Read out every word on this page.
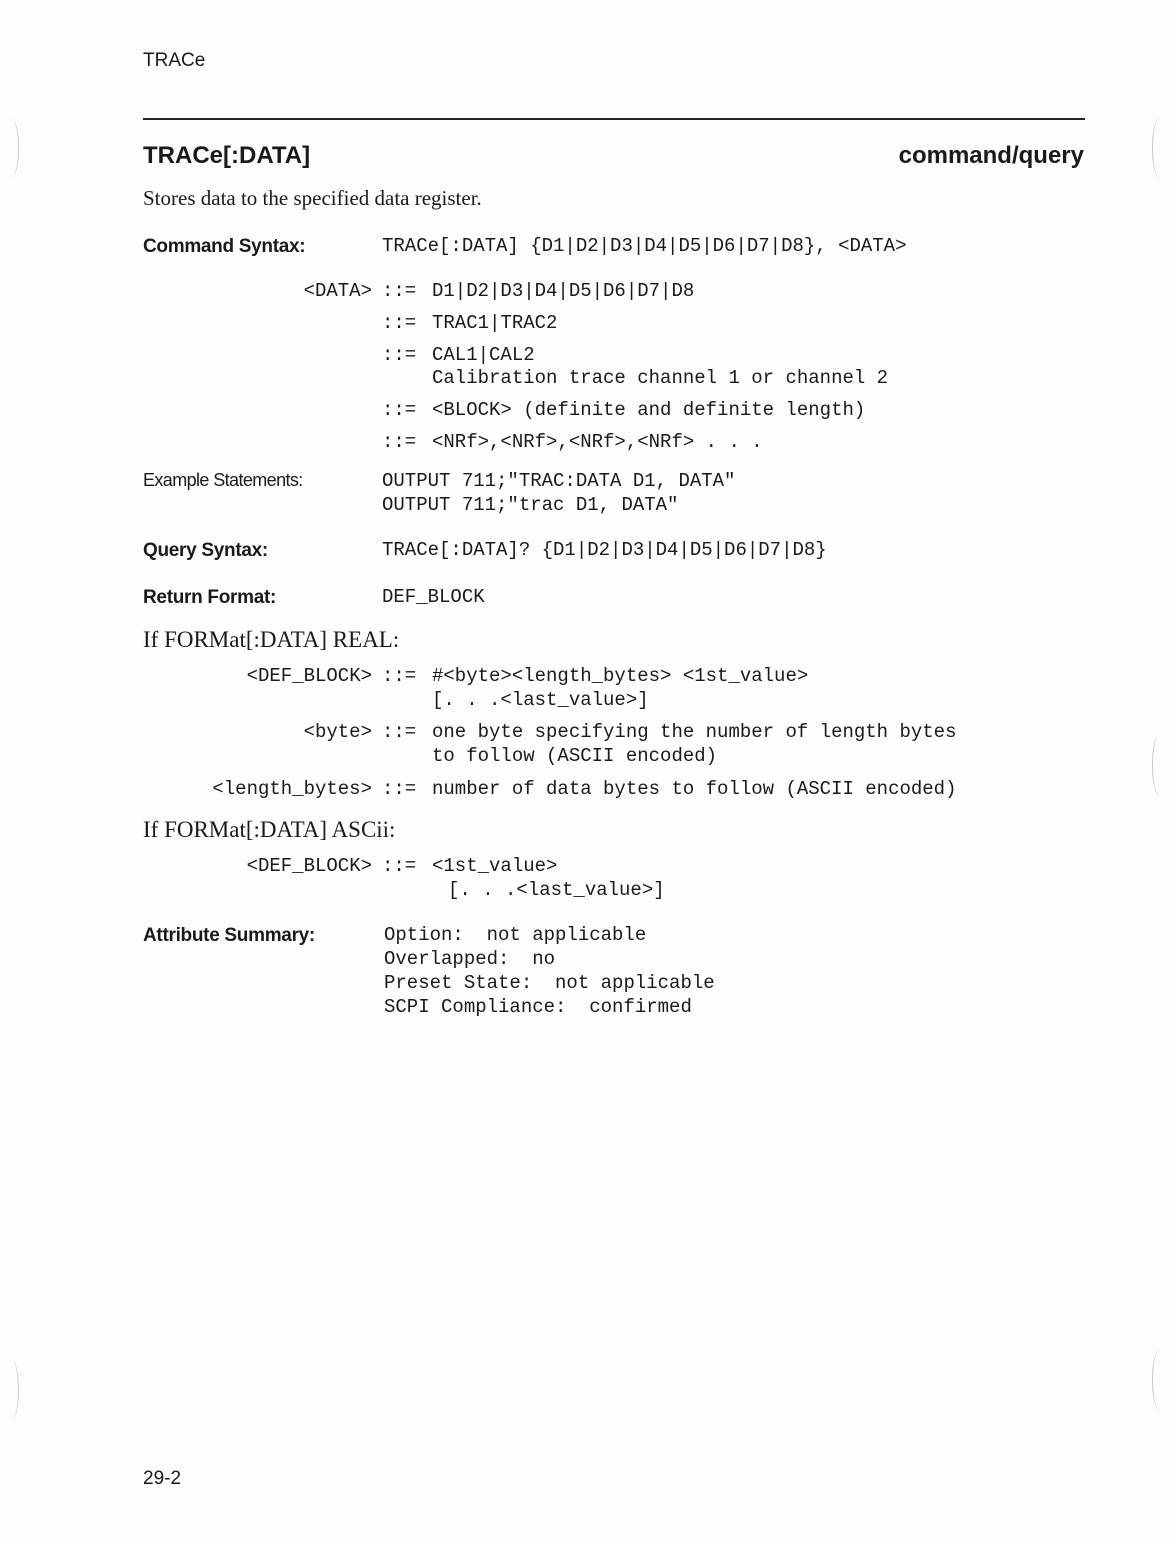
TRACe
TRACe[:DATA]	command/query
Stores data to the specified data register.
Command Syntax:	TRACe[:DATA] {D1|D2|D3|D4|D5|D6|D7|D8}, <DATA>
<DATA> ::= D1|D2|D3|D4|D5|D6|D7|D8
::= TRAC1|TRAC2
::= CAL1|CAL2
Calibration trace channel 1 or channel 2
::= <BLOCK> (definite and definite length)
::= <NRf>,<NRf>,<NRf>,<NRf> . . .
Example Statements:	OUTPUT 711;"TRAC:DATA D1, DATA"
OUTPUT 711;"trac D1, DATA"
Query Syntax:	TRACe[:DATA]? {D1|D2|D3|D4|D5|D6|D7|D8}
Return Format:	DEF_BLOCK
If FORMat[:DATA] REAL:
<DEF_BLOCK> ::= #<byte><length_bytes> <1st_value>
[. . .<last_value>]
<byte> ::= one byte specifying the number of length bytes
to follow (ASCII encoded)
<length_bytes> ::= number of data bytes to follow (ASCII encoded)
If FORMat[:DATA] ASCii:
<DEF_BLOCK> ::= <1st_value>
[. . .<last_value>]
Attribute Summary:	Option:  not applicable
Overlapped:  no
Preset State:  not applicable
SCPI Compliance:  confirmed
29-2
